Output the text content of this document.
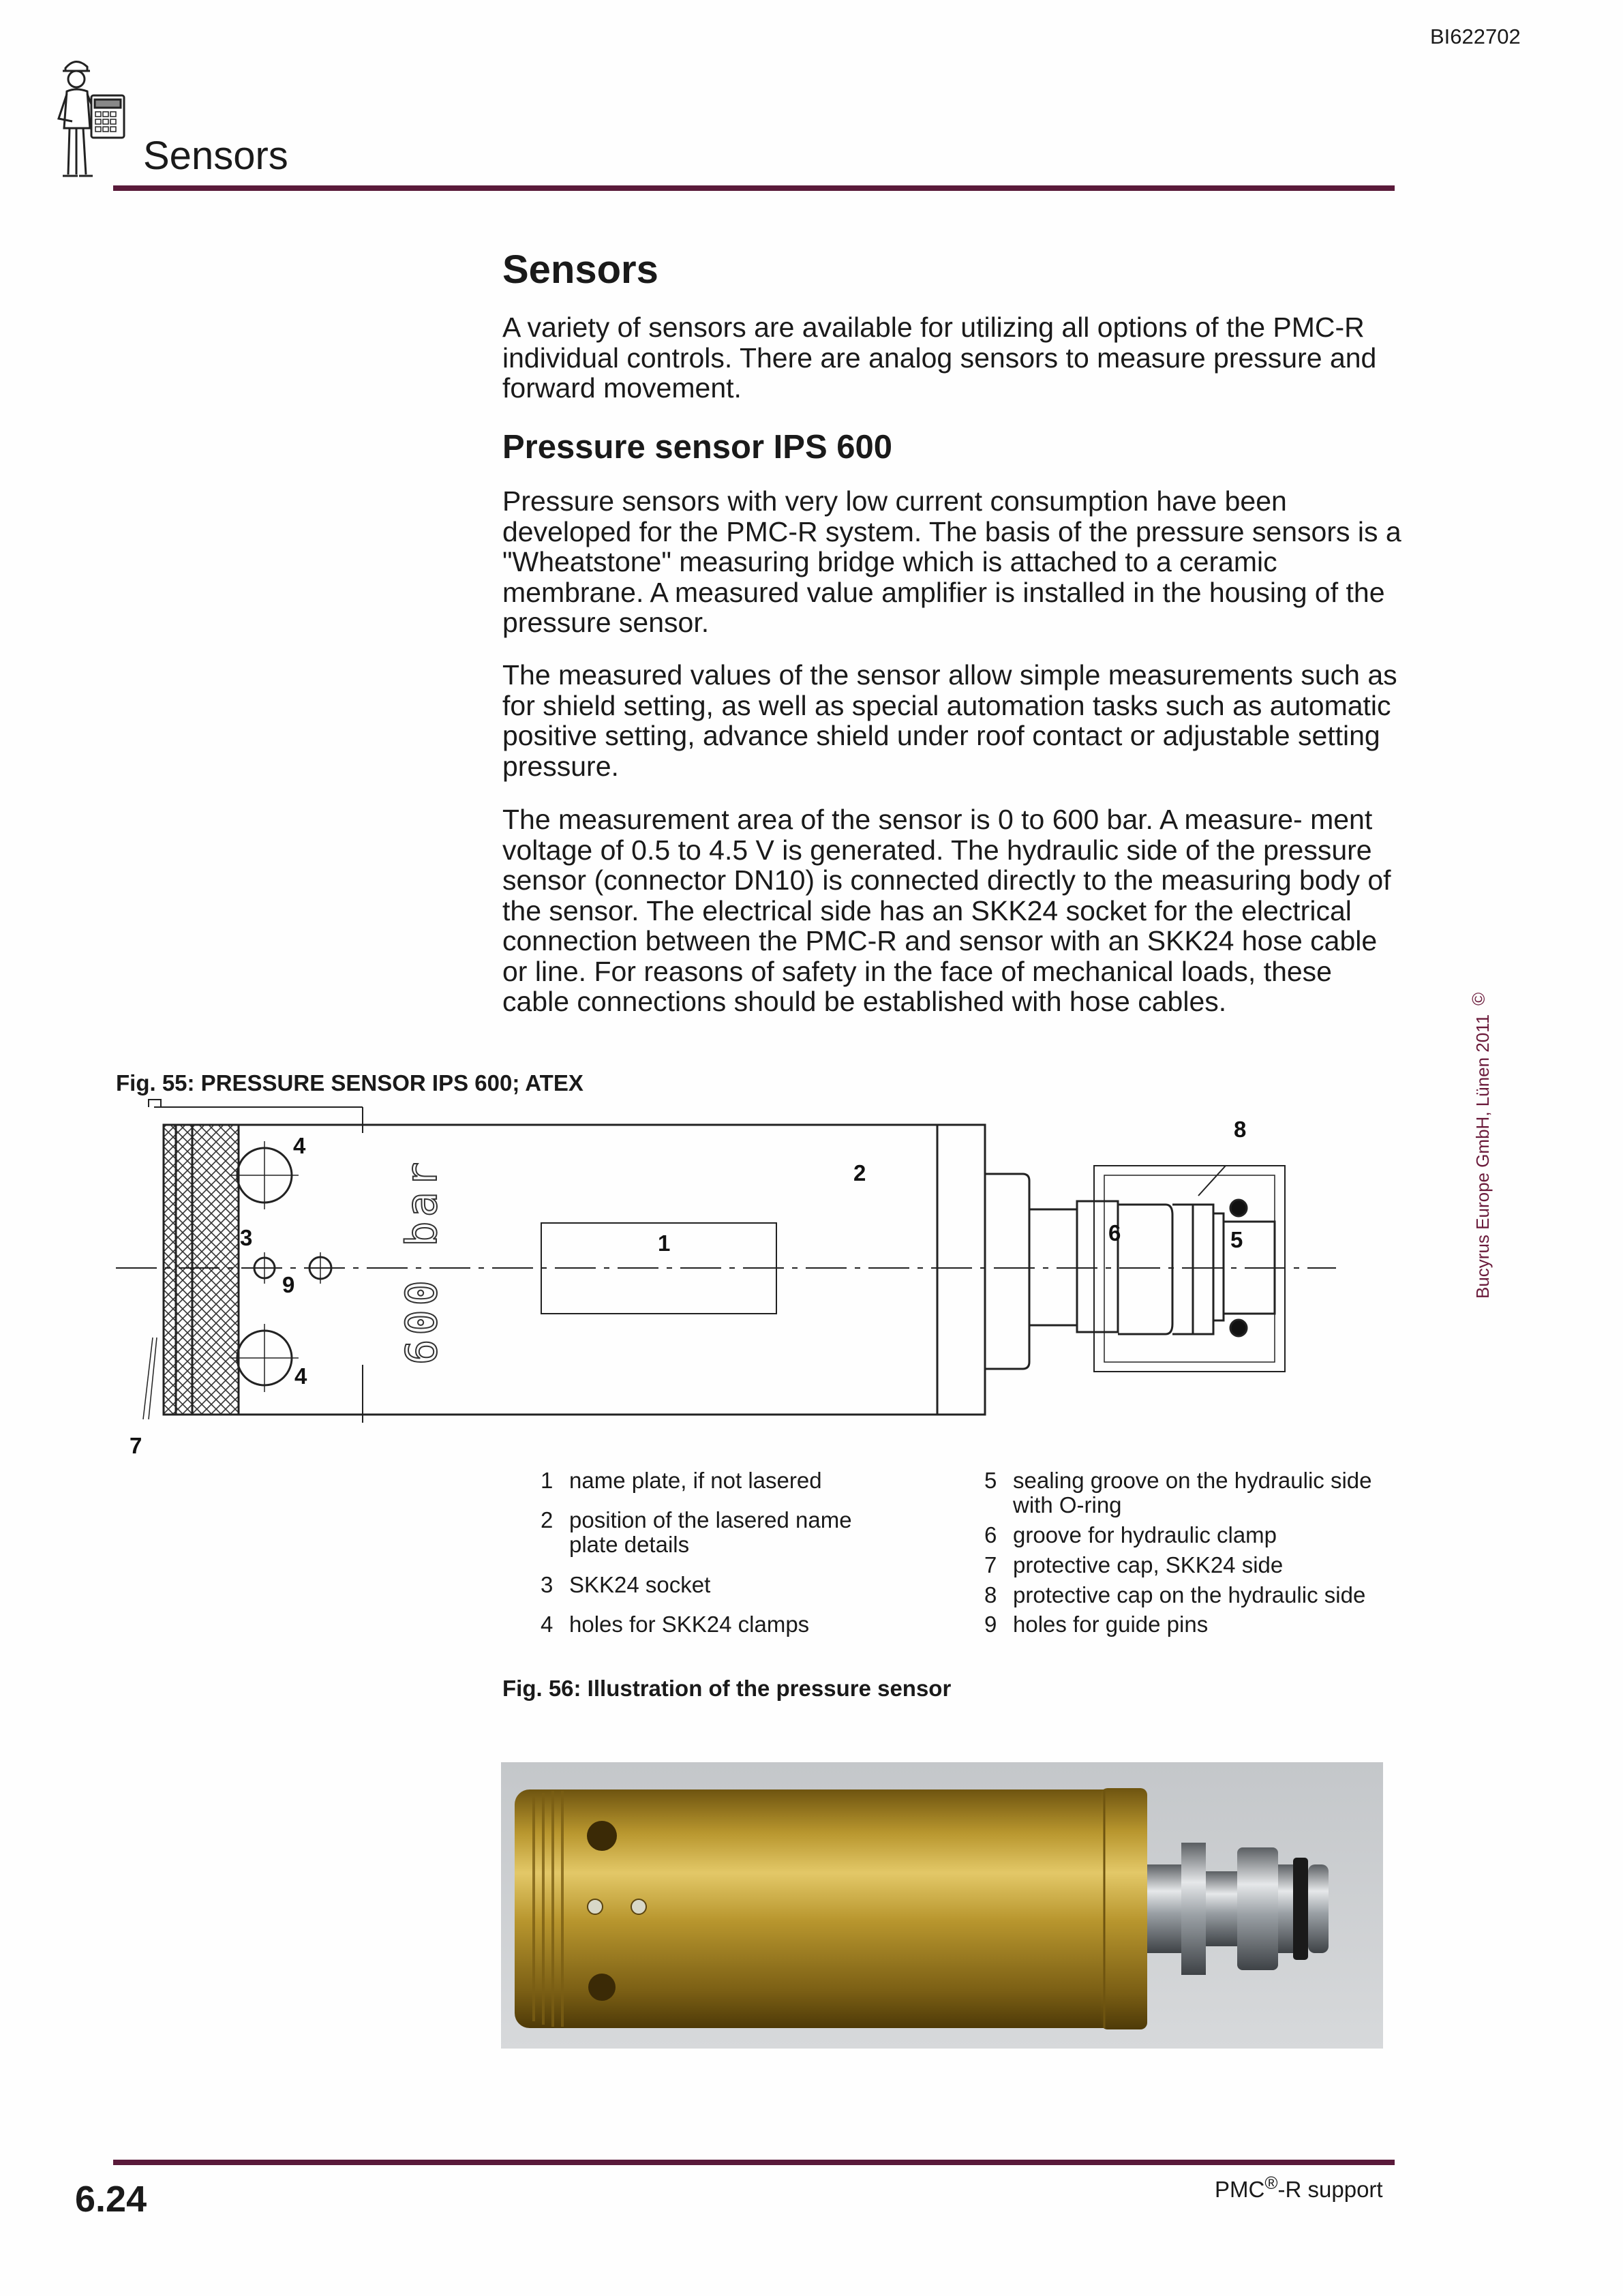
BI622702
Sensors
Sensors
A variety of sensors are available for utilizing all options of the PMC-R individual controls. There are analog sensors to measure pressure and forward movement.
Pressure sensor IPS 600
Pressure sensors with very low current consumption have been developed for the PMC-R system. The basis of the pressure sensors is a "Wheatstone" measuring bridge which is attached to a ceramic membrane. A measured value amplifier is installed in the housing of the pressure sensor.
The measured values of the sensor allow simple measurements such as for shield setting, as well as special automation tasks such as automatic positive setting, advance shield under roof contact or adjustable setting pressure.
The measurement area of the sensor is 0 to 600 bar. A measure- ment voltage of 0.5 to 4.5 V is generated. The hydraulic side of the pressure sensor (connector DN10) is connected directly to the measuring body of the sensor. The electrical side has an SKK24 socket for the electrical connection between the PMC-R and sensor with an SKK24 hose cable or line. For reasons of safety in the face of mechanical loads, these cable connections should be established with hose cables.
Bucyrus Europe GmbH, Lünen 2011
©
Fig. 55: PRESSURE SENSOR IPS 600; ATEX
600 bar	1
2
3
4
4
5
6
7
8
9
1 name plate, if not lasered
2 position of the lasered name plate details
3 SKK24 socket
4 holes for SKK24 clamps
5 sealing groove on the hydraulic side with O-ring
6 groove for hydraulic clamp
7 protective cap, SKK24 side
8 protective cap on the hydraulic side
9 holes for guide pins
Fig. 56: Illustration of the pressure sensor
6.24	PMC®-R support
